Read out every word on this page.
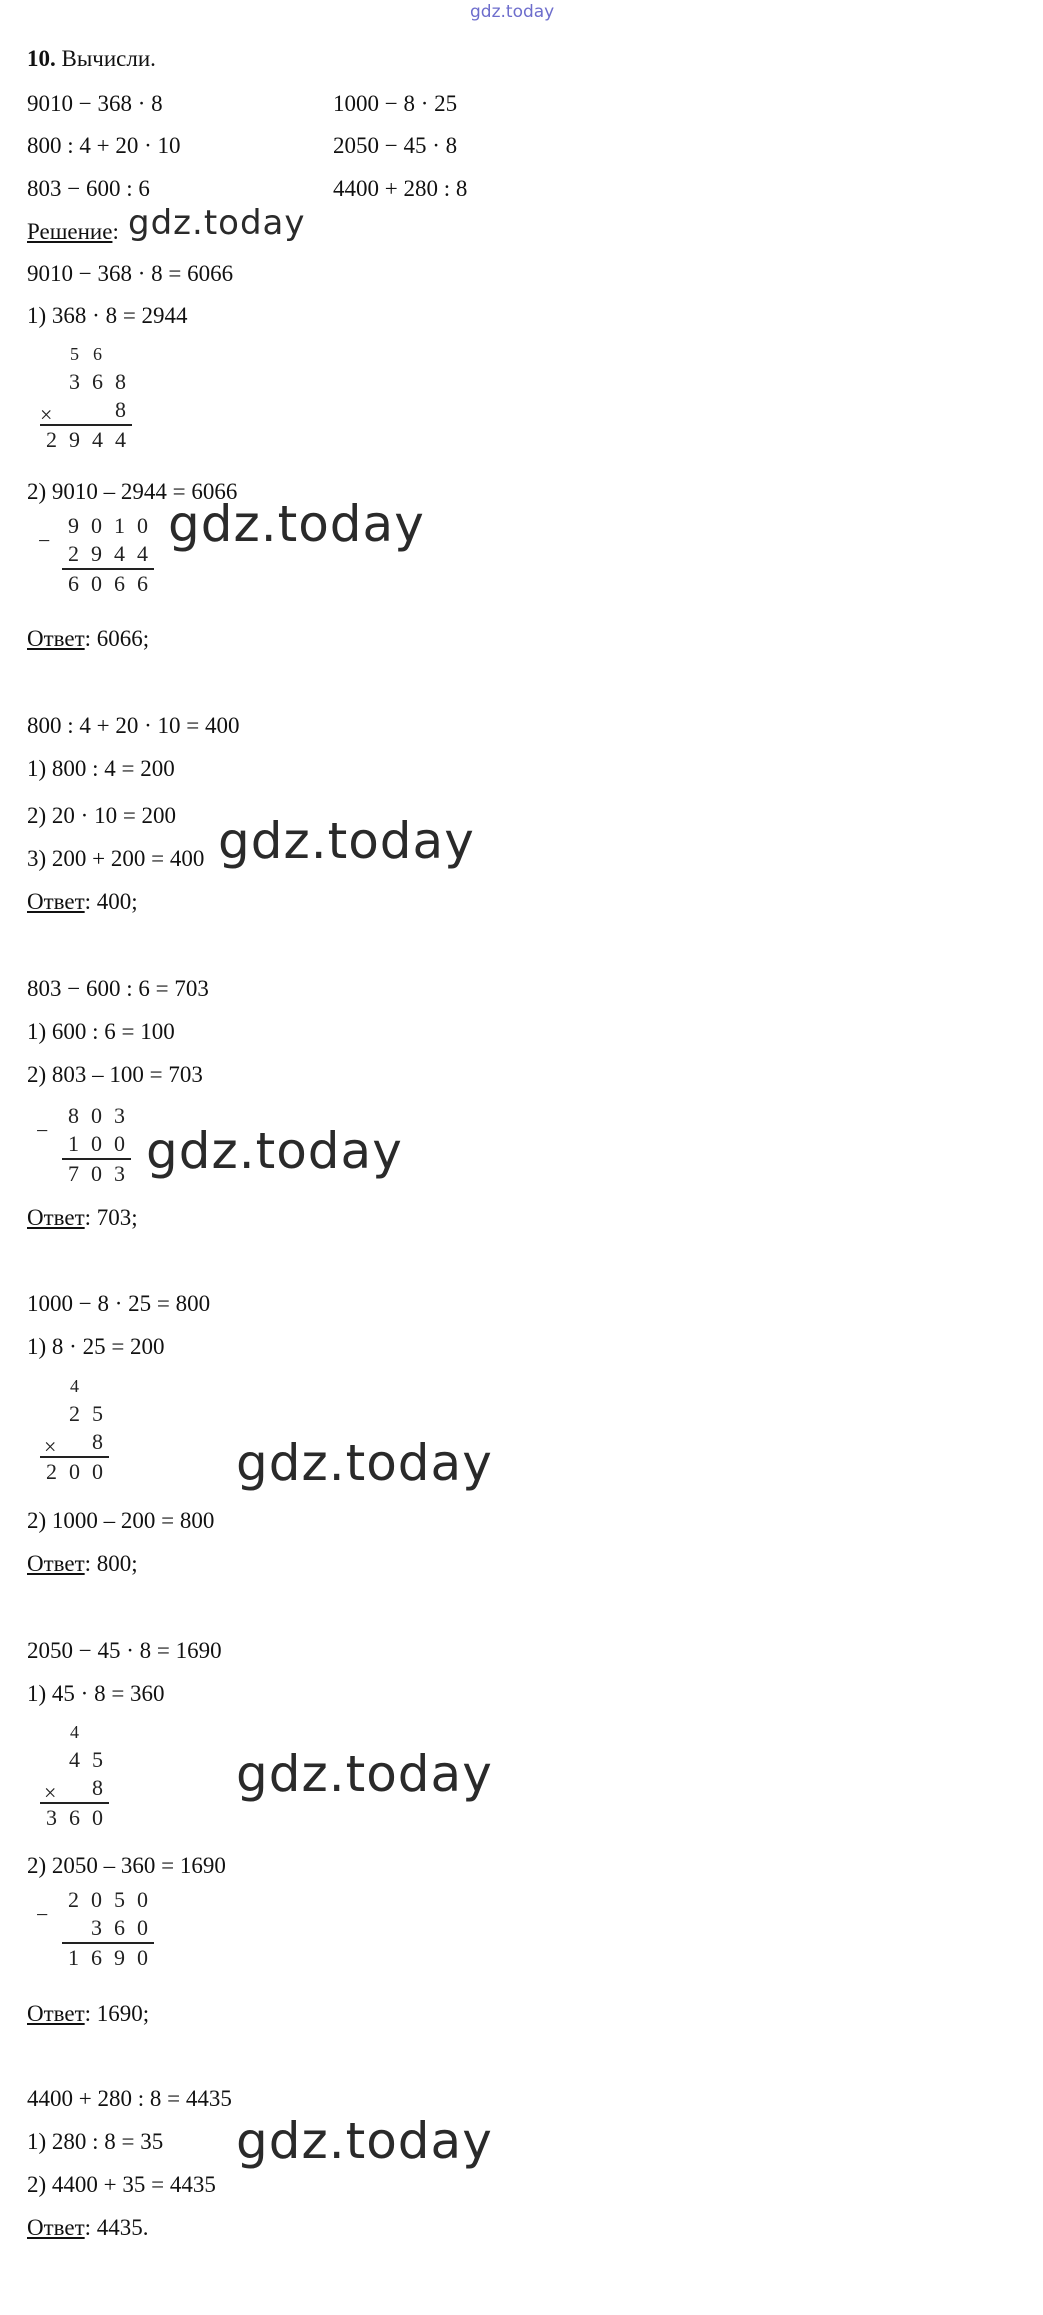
gdz.today
10. Вычисли.
9010 − 368 · 8
800 : 4 + 20 · 10
803 − 600 : 6
1000 − 8 · 25
2050 − 45 · 8
4400 + 280 : 8
Решение: gdz.today
9010 − 368 · 8 = 6066
1) 368 · 8 = 2944
5 6
3 6 8
8
×
2 9 4 4
2) 9010 – 2944 = 6066
9 0 1 0
2 9 4 4
−
6 0 6 6
gdz.today
Ответ: 6066;
800 : 4 + 20 · 10 = 400
1) 800 : 4 = 200
2) 20 · 10 = 200
3) 200 + 200 = 400 gdz.today
Ответ: 400;
803 − 600 : 6 = 703
1) 600 : 6 = 100
2) 803 – 100 = 703
8 0 3
1 0 0
−
7 0 3 gdz.today
Ответ: 703;
1000 − 8 · 25 = 800
1) 8 · 25 = 200
4
2 5
8
×
2 0 0	gdz.today
2) 1000 – 200 = 800
Ответ: 800;
2050 − 45 · 8 = 1690
1) 45 · 8 = 360
4
4 5
8
×
3 6 0
gdz.today
2) 2050 – 360 = 1690
2 0 5 0
3 6 0
−
1 6 9 0
Ответ: 1690;
4400 + 280 : 8 = 4435
1) 280 : 8 = 35 gdz.today
2) 4400 + 35 = 4435
Ответ: 4435.
